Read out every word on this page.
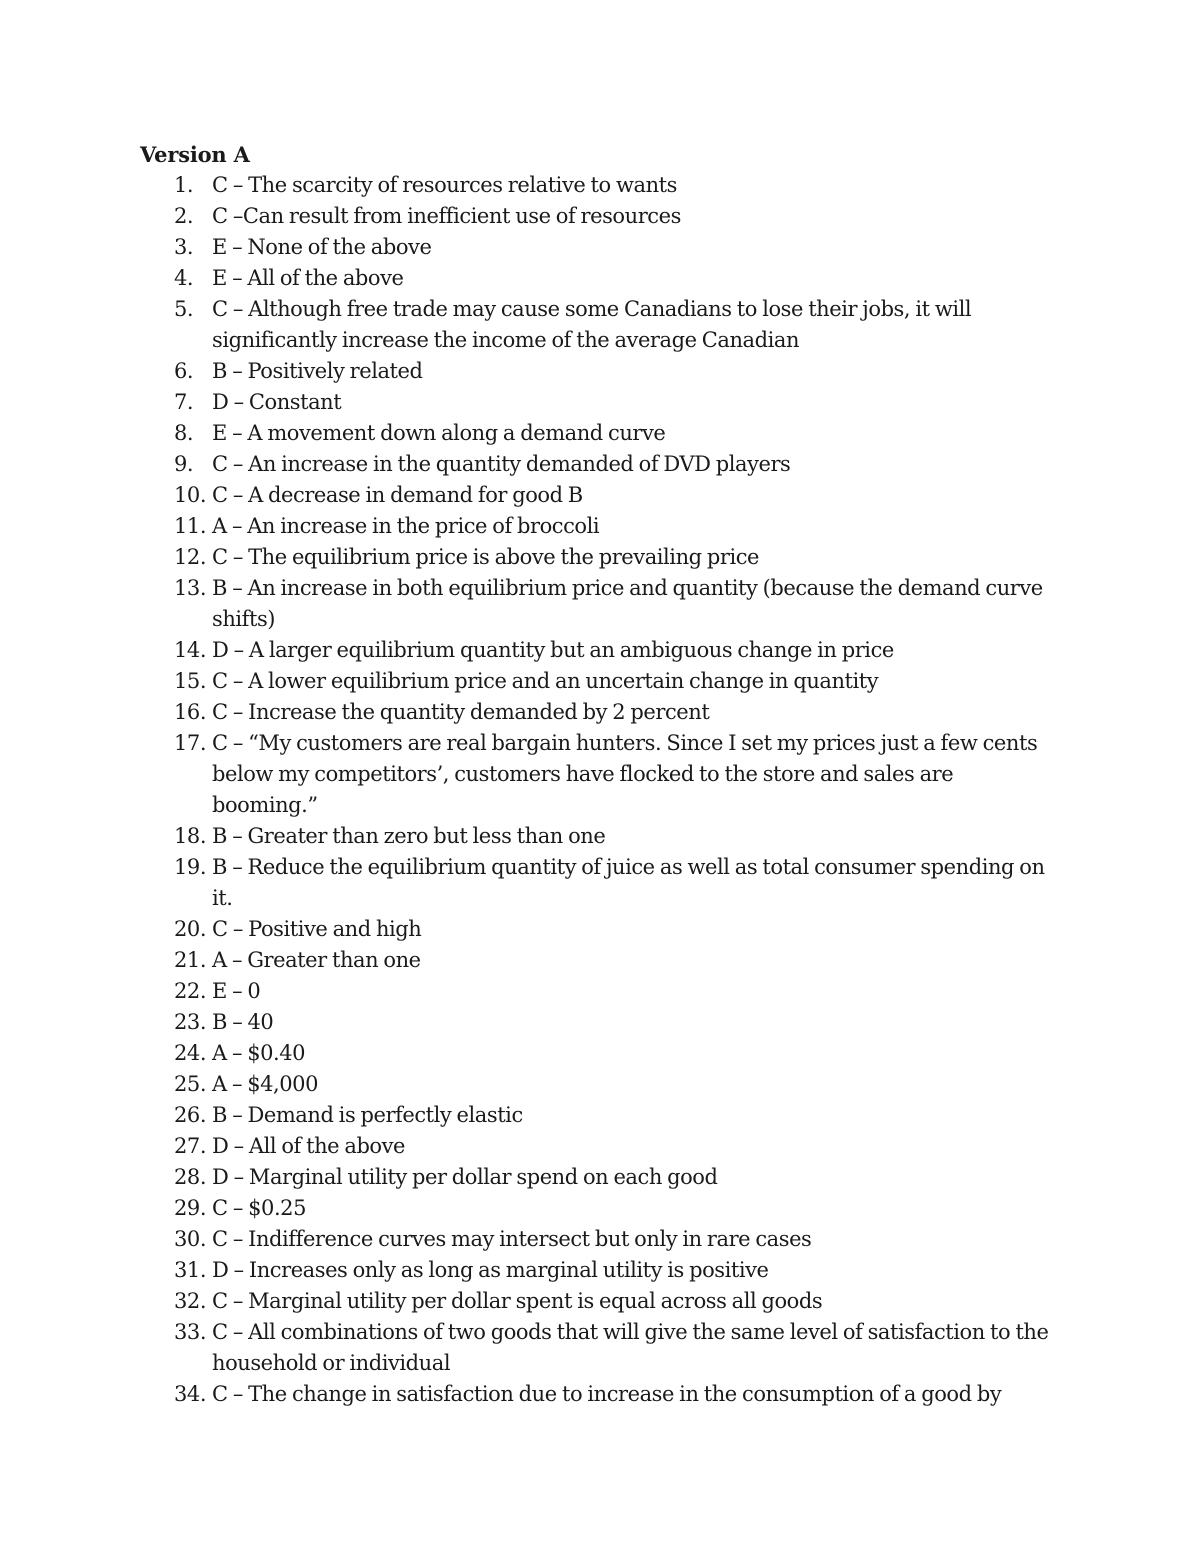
Version A
1. C – The scarcity of resources relative to wants
2. C –Can result from inefficient use of resources
3. E – None of the above
4. E – All of the above
5. C – Although free trade may cause some Canadians to lose their jobs, it will significantly increase the income of the average Canadian
6. B – Positively related
7. D – Constant
8. E – A movement down along a demand curve
9. C – An increase in the quantity demanded of DVD players
10. C – A decrease in demand for good B
11. A – An increase in the price of broccoli
12. C – The equilibrium price is above the prevailing price
13. B – An increase in both equilibrium price and quantity (because the demand curve shifts)
14. D – A larger equilibrium quantity but an ambiguous change in price
15. C – A lower equilibrium price and an uncertain change in quantity
16. C – Increase the quantity demanded by 2 percent
17. C – “My customers are real bargain hunters. Since I set my prices just a few cents below my competitors’, customers have flocked to the store and sales are booming.”
18. B – Greater than zero but less than one
19. B – Reduce the equilibrium quantity of juice as well as total consumer spending on it.
20. C – Positive and high
21. A – Greater than one
22. E – 0
23. B – 40
24. A – $0.40
25. A – $4,000
26. B – Demand is perfectly elastic
27. D – All of the above
28. D – Marginal utility per dollar spend on each good
29. C – $0.25
30. C – Indifference curves may intersect but only in rare cases
31. D – Increases only as long as marginal utility is positive
32. C – Marginal utility per dollar spent is equal across all goods
33. C – All combinations of two goods that will give the same level of satisfaction to the household or individual
34. C – The change in satisfaction due to increase in the consumption of a good by
